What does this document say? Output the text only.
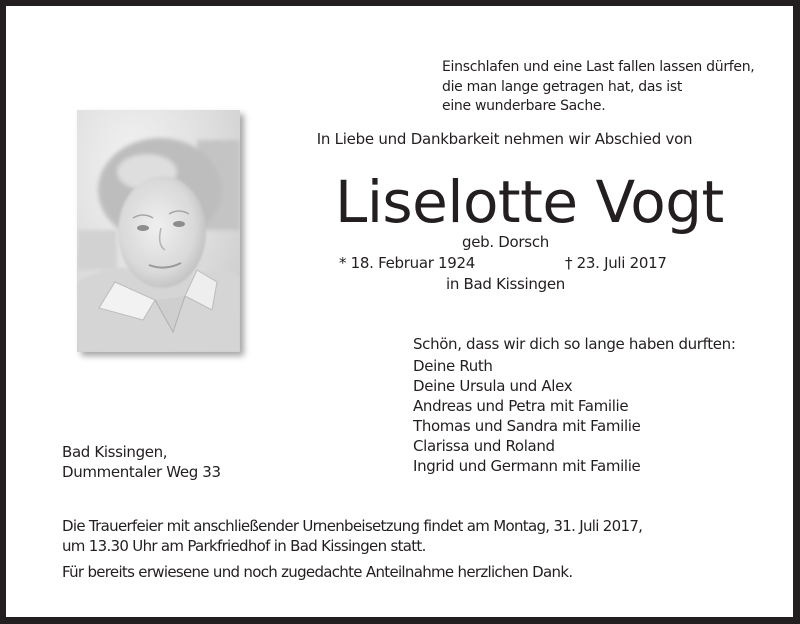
Einschlafen und eine Last fallen lassen dürfen,
die man lange getragen hat, das ist
eine wunderbare Sache.
In Liebe und Dankbarkeit nehmen wir Abschied von
Liselotte Vogt
geb. Dorsch
* 18. Februar 1924	† 23. Juli 2017
in Bad Kissingen
Schön, dass wir dich so lange haben durften:
Deine Ruth
Deine Ursula und Alex
Andreas und Petra mit Familie
Thomas und Sandra mit Familie
Clarissa und Roland
Ingrid und Germann mit Familie
Bad Kissingen,
Dummentaler Weg 33
Die Trauerfeier mit anschließender Urnenbeisetzung findet am Montag, 31. Juli 2017,
um 13.30 Uhr am Parkfriedhof in Bad Kissingen statt.
Für bereits erwiesene und noch zugedachte Anteilnahme herzlichen Dank.
